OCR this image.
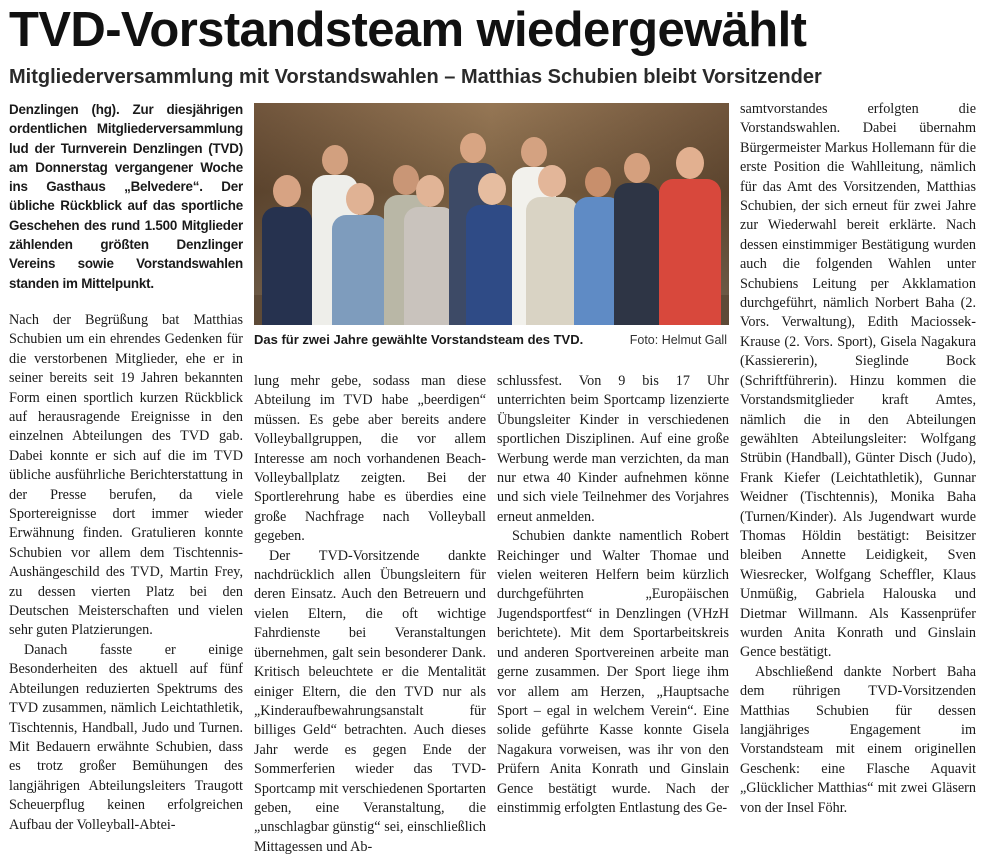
TVD-Vorstandsteam wiedergewählt
Mitgliederversammlung mit Vorstandswahlen – Matthias Schubien bleibt Vorsitzender

Denzlingen (hg). Zur diesjährigen ordentlichen Mitgliederversammlung lud der Turnverein Denzlingen (TVD) am Donnerstag vergangener Woche ins Gasthaus „Belvedere“. Der übliche Rückblick auf das sportliche Geschehen des rund 1.500 Mitglieder zählenden größten Denzlinger Vereins sowie Vorstandswahlen standen im Mittelpunkt.

Nach der Begrüßung bat Matthias Schubien um ein ehrendes Gedenken für die verstorbenen Mitglieder, ehe er in seiner bereits seit 19 Jahren bekannten Form einen sportlich kurzen Rückblick auf herausragende Ereignisse in den einzelnen Abteilungen des TVD gab. Dabei konnte er sich auf die im TVD übliche ausführliche Berichterstattung in der Presse berufen, da viele Sportereignisse dort immer wieder Erwähnung finden. Gratulieren konnte Schubien vor allem dem Tischtennis-Aushängeschild des TVD, Martin Frey, zu dessen vierten Platz bei den Deutschen Meisterschaften und vielen sehr guten Platzierungen.

Danach fasste er einige Besonderheiten des aktuell auf fünf Abteilungen reduzierten Spektrums des TVD zusammen, nämlich Leichtathletik, Tischtennis, Handball, Judo und Turnen. Mit Bedauern erwähnte Schubien, dass es trotz großer Bemühungen des langjährigen Abteilungsleiters Traugott Scheuerpflug keinen erfolgreichen Aufbau der Volleyball-Abtei-

Das für zwei Jahre gewählte Vorstandsteam des TVD.	Foto: Helmut Gall

lung mehr gebe, sodass man diese Abteilung im TVD habe „beerdigen“ müssen. Es gebe aber bereits andere Volleyballgruppen, die vor allem Interesse am noch vorhandenen Beach-Volleyballplatz zeigten. Bei der Sportlerehrung habe es überdies eine große Nachfrage nach Volleyball gegeben.

Der TVD-Vorsitzende dankte nachdrücklich allen Übungsleitern für deren Einsatz. Auch den Betreuern und vielen Eltern, die oft wichtige Fahrdienste bei Veranstaltungen übernehmen, galt sein besonderer Dank. Kritisch beleuchtete er die Mentalität einiger Eltern, die den TVD nur als „Kinderaufbewahrungsanstalt für billiges Geld“ betrachten. Auch dieses Jahr werde es gegen Ende der Sommerferien wieder das TVD-Sportcamp mit verschiedenen Sportarten geben, eine Veranstaltung, die „unschlagbar günstig“ sei, einschließlich Mittagessen und Ab-

schlussfest. Von 9 bis 17 Uhr unterrichten beim Sportcamp lizenzierte Übungsleiter Kinder in verschiedenen sportlichen Disziplinen. Auf eine große Werbung werde man verzichten, da man nur etwa 40 Kinder aufnehmen könne und sich viele Teilnehmer des Vorjahres erneut anmelden.

Schubien dankte namentlich Robert Reichinger und Walter Thomae und vielen weiteren Helfern beim kürzlich durchgeführten „Europäischen Jugendsportfest“ in Denzlingen (VHzH berichtete). Mit dem Sportarbeitskreis und anderen Sportvereinen arbeite man gerne zusammen. Der Sport liege ihm vor allem am Herzen, „Hauptsache Sport – egal in welchem Verein“. Eine solide geführte Kasse konnte Gisela Nagakura vorweisen, was ihr von den Prüfern Anita Konrath und Ginslain Gence bestätigt wurde. Nach der einstimmig erfolgten Entlastung des Ge-

samtvorstandes erfolgten die Vorstandswahlen. Dabei übernahm Bürgermeister Markus Hollemann für die erste Position die Wahlleitung, nämlich für das Amt des Vorsitzenden, Matthias Schubien, der sich erneut für zwei Jahre zur Wiederwahl bereit erklärte. Nach dessen einstimmiger Bestätigung wurden auch die folgenden Wahlen unter Schubiens Leitung per Akklamation durchgeführt, nämlich Norbert Baha (2. Vors. Verwaltung), Edith Maciossek-Krause (2. Vors. Sport), Gisela Nagakura (Kassiererin), Sieglinde Bock (Schriftführerin). Hinzu kommen die Vorstandsmitglieder kraft Amtes, nämlich die in den Abteilungen gewählten Abteilungsleiter: Wolfgang Strübin (Handball), Günter Disch (Judo), Frank Kiefer (Leichtathletik), Gunnar Weidner (Tischtennis), Monika Baha (Turnen/Kinder). Als Jugendwart wurde Thomas Höldin bestätigt: Beisitzer bleiben Annette Leidigkeit, Sven Wiesrecker, Wolfgang Scheffler, Klaus Unmüßig, Gabriela Halouska und Dietmar Willmann. Als Kassenprüfer wurden Anita Konrath und Ginslain Gence bestätigt.

Abschließend dankte Norbert Baha dem rührigen TVD-Vorsitzenden Matthias Schubien für dessen langjähriges Engagement im Vorstandsteam mit einem originellen Geschenk: eine Flasche Aquavit „Glücklicher Matthias“ mit zwei Gläsern von der Insel Föhr.
